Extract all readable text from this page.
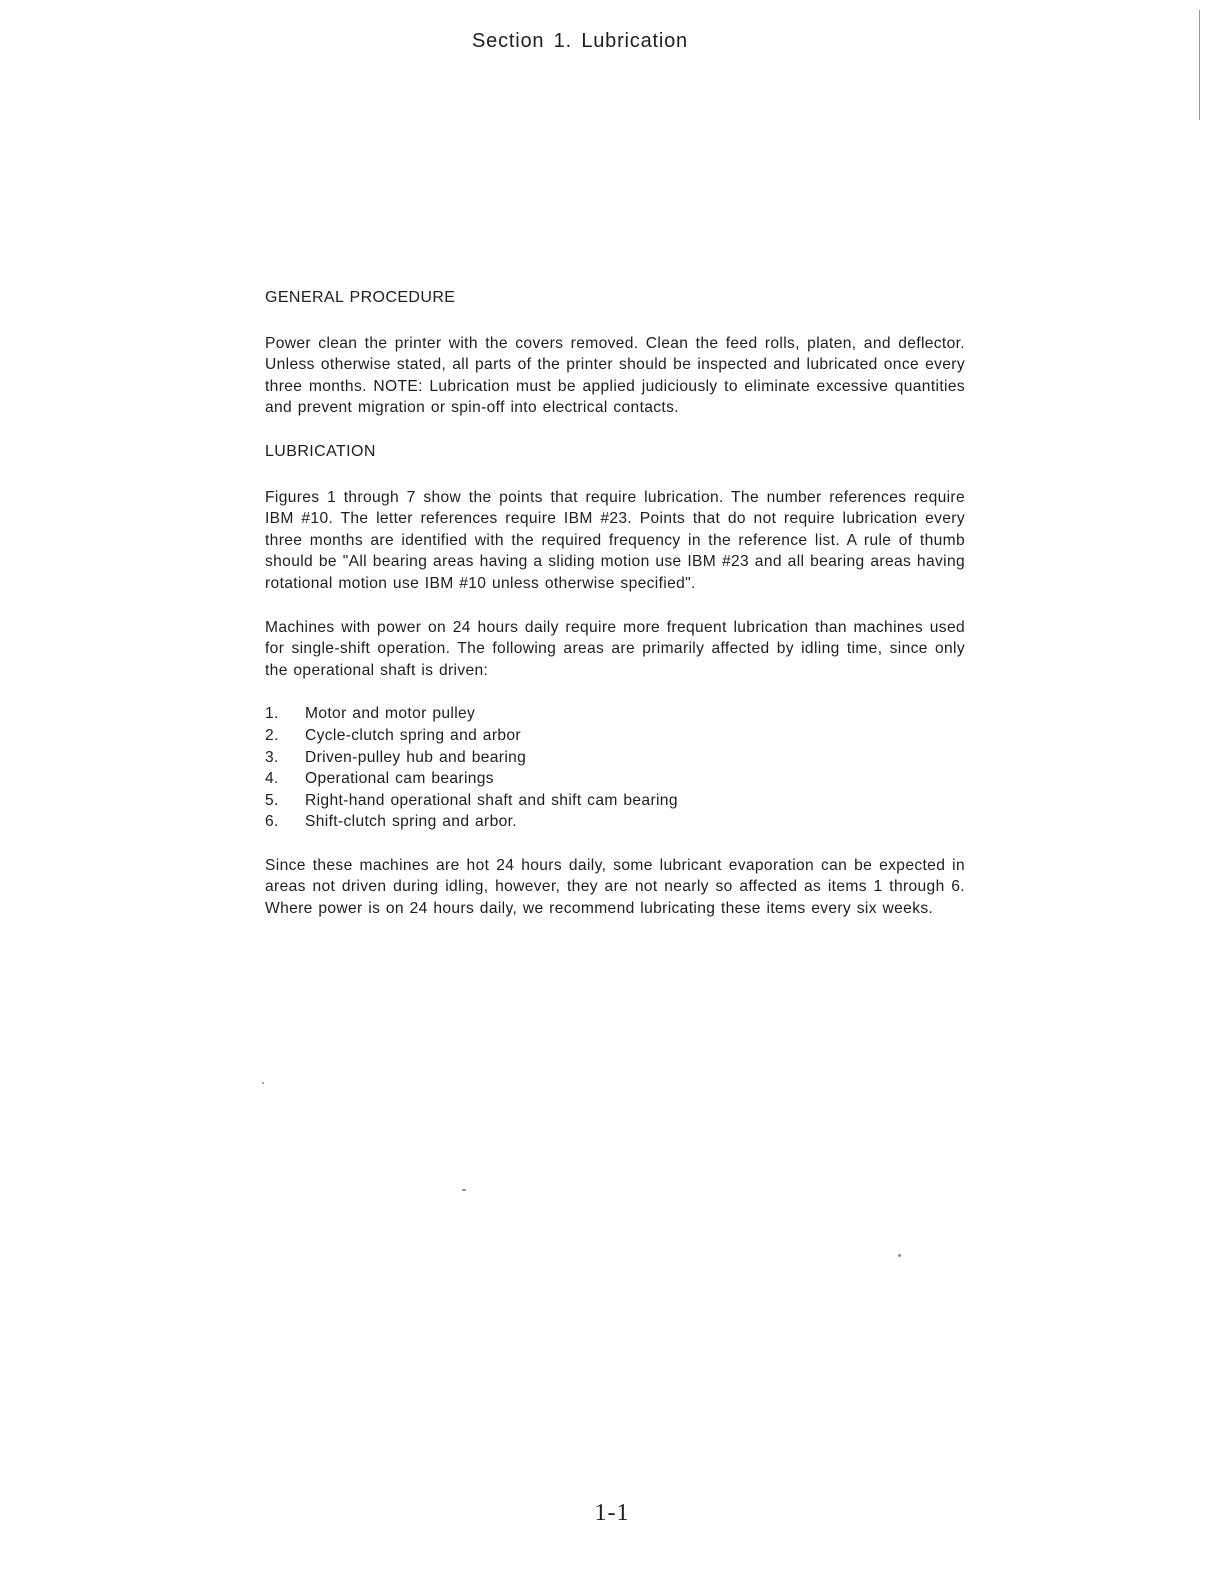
Section 1. Lubrication
GENERAL PROCEDURE

Power clean the printer with the covers removed. Clean the feed rolls, platen, and deflector. Unless otherwise stated, all parts of the printer should be inspected and lubricated once every three months. NOTE: Lubrication must be applied judiciously to eliminate excessive quantities and prevent migration or spin-off into electrical contacts.

LUBRICATION

Figures 1 through 7 show the points that require lubrication. The number references require IBM #10. The letter references require IBM #23. Points that do not require lubrication every three months are identified with the required frequency in the reference list. A rule of thumb should be "All bearing areas having a sliding motion use IBM #23 and all bearing areas having rotational motion use IBM #10 unless otherwise specified".

Machines with power on 24 hours daily require more frequent lubrication than machines used for single-shift operation. The following areas are primarily affected by idling time, since only the operational shaft is driven:

1.	Motor and motor pulley
2.	Cycle-clutch spring and arbor
3.	Driven-pulley hub and bearing
4.	Operational cam bearings
5.	Right-hand operational shaft and shift cam bearing
6.	Shift-clutch spring and arbor.

Since these machines are hot 24 hours daily, some lubricant evaporation can be expected in areas not driven during idling, however, they are not nearly so affected as items 1 through 6. Where power is on 24 hours daily, we recommend lubricating these items every six weeks.

1-1
